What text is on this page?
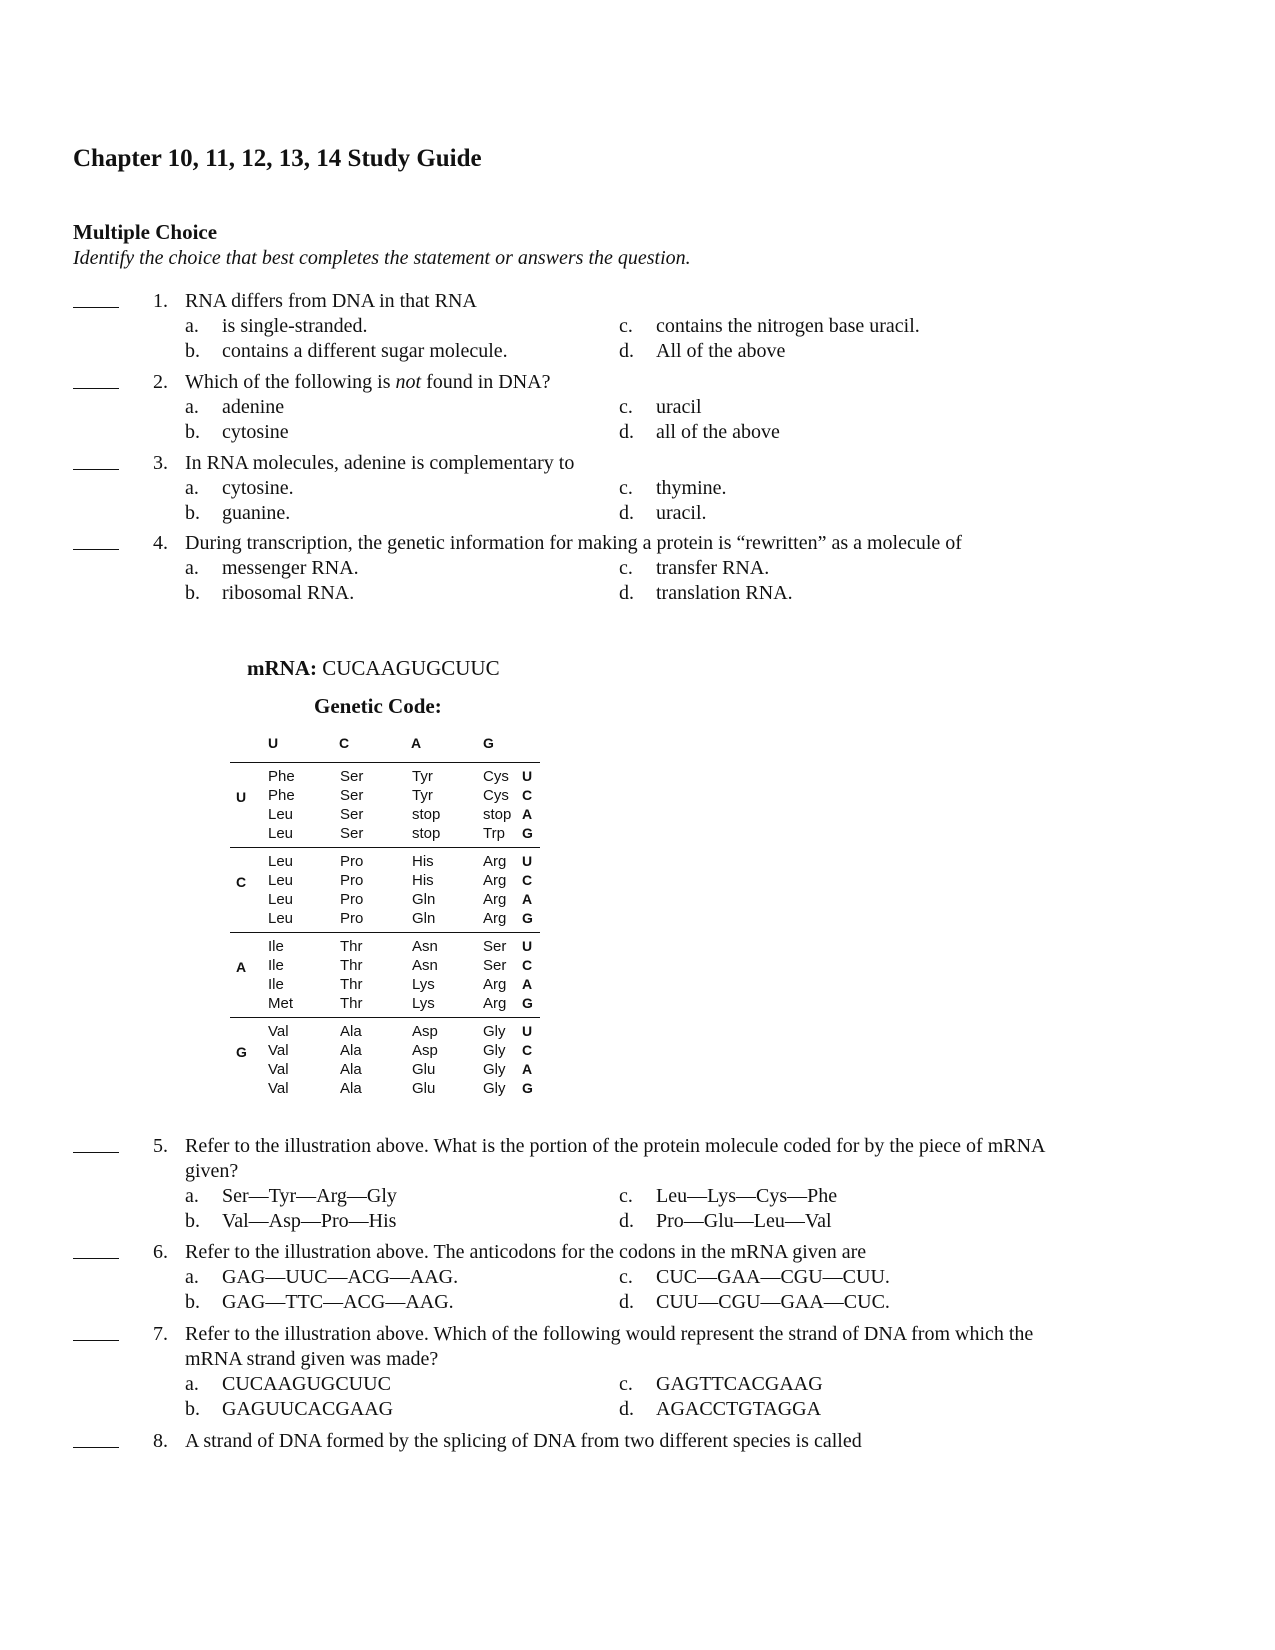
Chapter 10, 11, 12, 13, 14 Study Guide
Multiple Choice

Identify the choice that best completes the statement or answers the question.

1. RNA differs from DNA in that RNA
a. is single-stranded.
b. contains a different sugar molecule.
c. contains the nitrogen base uracil.
d. All of the above
2. Which of the following is not found in DNA?
a. adenine
b. cytosine
c. uracil
d. all of the above
3. In RNA molecules, adenine is complementary to
a. cytosine.
b. guanine.
c. thymine.
d. uracil.
4. During transcription, the genetic information for making a protein is “rewritten” as a molecule of
a. messenger RNA.
b. ribosomal RNA.
c. transfer RNA.
d. translation RNA.
mRNA: CUCAAGUGCUUC
Genetic Code:
U	C	A	G
U
Phe	Ser	Tyr	Cys U
Phe	Ser	Tyr	Cys C
Leu	Ser	stop	stop A
Leu	Ser	stop	Trp G
C
Leu	Pro	His	Arg U
Leu	Pro	His	Arg C
Leu	Pro	Gln	Arg A
Leu	Pro	Gln	Arg G
A
Ile	Thr	Asn	Ser U
Ile	Thr	Asn	Ser C
Ile	Thr	Lys	Arg A
Met	Thr	Lys	Arg G
G
Val	Ala	Asp	Gly U
Val	Ala	Asp	Gly C
Val	Ala	Glu	Gly A
Val	Ala	Glu	Gly G
5. Refer to the illustration above. What is the portion of the protein molecule coded for by the piece of mRNA
given?
a. Ser—Tyr—Arg—Gly
b. Val—Asp—Pro—His
c. Leu—Lys—Cys—Phe
d. Pro—Glu—Leu—Val
6. Refer to the illustration above. The anticodons for the codons in the mRNA given are
a. GAG—UUC—ACG—AAG.
b. GAG—TTC—ACG—AAG.
c. CUC—GAA—CGU—CUU.
d. CUU—CGU—GAA—CUC.
7. Refer to the illustration above. Which of the following would represent the strand of DNA from which the
mRNA strand given was made?
a. CUCAAGUGCUUC
b. GAGUUCACGAAG
c. GAGTTCACGAAG
d. AGACCTGTAGGA
8. A strand of DNA formed by the splicing of DNA from two different species is called
